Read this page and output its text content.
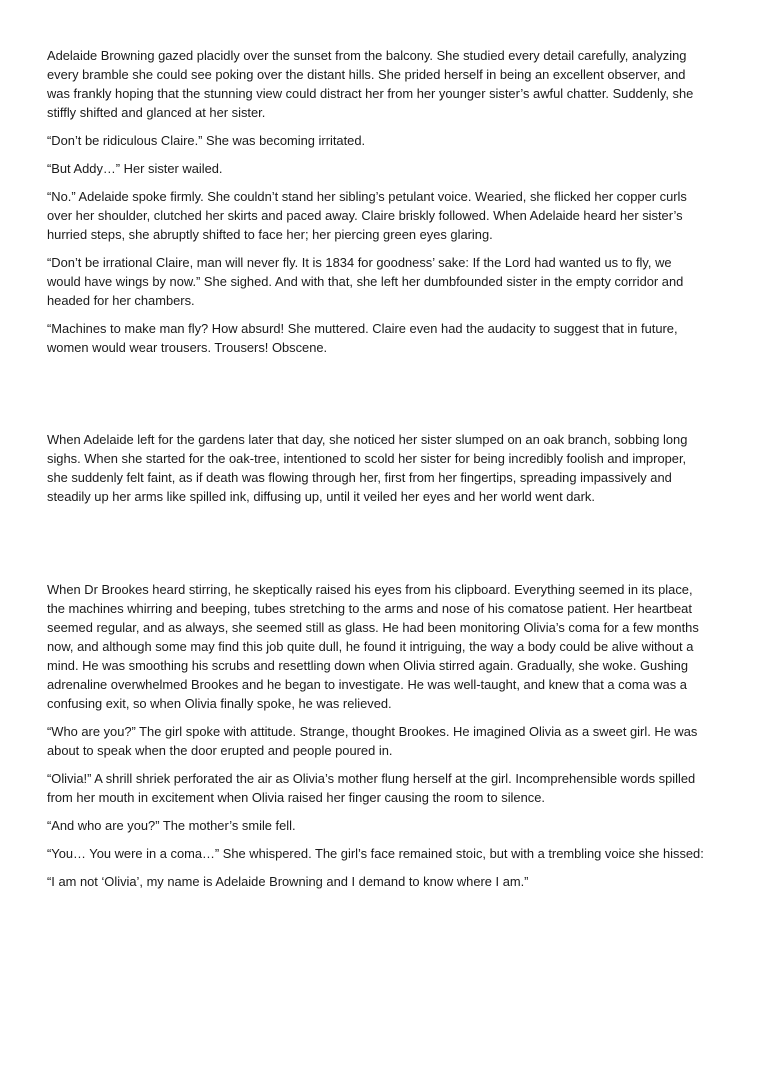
Adelaide Browning gazed placidly over the sunset from the balcony. She studied every detail carefully, analyzing every bramble she could see poking over the distant hills. She prided herself in being an excellent observer, and was frankly hoping that the stunning view could distract her from her younger sister’s awful chatter. Suddenly, she stiffly shifted and glanced at her sister.

“Don’t be ridiculous Claire.” She was becoming irritated.

“But Addy…” Her sister wailed.

“No.” Adelaide spoke firmly. She couldn’t stand her sibling’s petulant voice. Wearied, she flicked her copper curls over her shoulder, clutched her skirts and paced away. Claire briskly followed. When Adelaide heard her sister’s hurried steps, she abruptly shifted to face her; her piercing green eyes glaring.

“Don’t be irrational Claire, man will never fly. It is 1834 for goodness’ sake: If the Lord had wanted us to fly, we would have wings by now.” She sighed. And with that, she left her dumbfounded sister in the empty corridor and headed for her chambers.

“Machines to make man fly? How absurd! She muttered. Claire even had the audacity to suggest that in future, women would wear trousers. Trousers! Obscene.

When Adelaide left for the gardens later that day, she noticed her sister slumped on an oak branch, sobbing long sighs. When she started for the oak-tree, intentioned to scold her sister for being incredibly foolish and improper, she suddenly felt faint, as if death was flowing through her, first from her fingertips, spreading impassively and steadily up her arms like spilled ink, diffusing up, until it veiled her eyes and her world went dark.

When Dr Brookes heard stirring, he skeptically raised his eyes from his clipboard. Everything seemed in its place, the machines whirring and beeping, tubes stretching to the arms and nose of his comatose patient. Her heartbeat seemed regular, and as always, she seemed still as glass. He had been monitoring Olivia’s coma for a few months now, and although some may find this job quite dull, he found it intriguing, the way a body could be alive without a mind. He was smoothing his scrubs and resettling down when Olivia stirred again. Gradually, she woke. Gushing adrenaline overwhelmed Brookes and he began to investigate. He was well-taught, and knew that a coma was a confusing exit, so when Olivia finally spoke, he was relieved.

“Who are you?” The girl spoke with attitude. Strange, thought Brookes. He imagined Olivia as a sweet girl. He was about to speak when the door erupted and people poured in.

“Olivia!” A shrill shriek perforated the air as Olivia’s mother flung herself at the girl. Incomprehensible words spilled from her mouth in excitement when Olivia raised her finger causing the room to silence.

“And who are you?” The mother’s smile fell.

“You… You were in a coma…” She whispered. The girl’s face remained stoic, but with a trembling voice she hissed:

“I am not ‘Olivia’, my name is Adelaide Browning and I demand to know where I am.”
